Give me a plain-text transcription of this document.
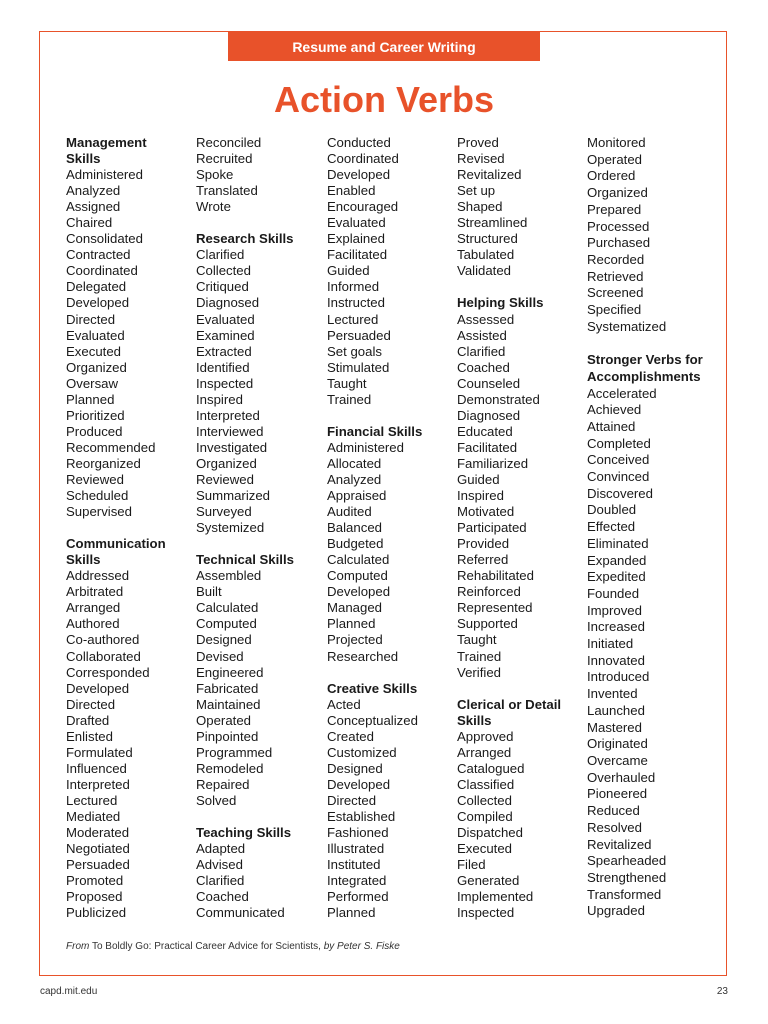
Resume and Career Writing
Action Verbs
Management
Skills
Administered
Analyzed
Assigned
Chaired
Consolidated
Contracted
Coordinated
Delegated
Developed
Directed
Evaluated
Executed
Organized
Oversaw
Planned
Prioritized
Produced
Recommended
Reorganized
Reviewed
Scheduled
Supervised
Communication
Skills
Addressed
Arbitrated
Arranged
Authored
Co-authored
Collaborated
Corresponded
Developed
Directed
Drafted
Enlisted
Formulated
Influenced
Interpreted
Lectured
Mediated
Moderated
Negotiated
Persuaded
Promoted
Proposed
Publicized
Reconciled
Recruited
Spoke
Translated
Wrote
Research Skills
Clarified
Collected
Critiqued
Diagnosed
Evaluated
Examined
Extracted
Identified
Inspected
Inspired
Interpreted
Interviewed
Investigated
Organized
Reviewed
Summarized
Surveyed
Systemized
Technical Skills
Assembled
Built
Calculated
Computed
Designed
Devised
Engineered
Fabricated
Maintained
Operated
Pinpointed
Programmed
Remodeled
Repaired
Solved
Teaching Skills
Adapted
Advised
Clarified
Coached
Communicated
Conducted
Coordinated
Developed
Enabled
Encouraged
Evaluated
Explained
Facilitated
Guided
Informed
Instructed
Lectured
Persuaded
Set goals
Stimulated
Taught
Trained
Financial Skills
Administered
Allocated
Analyzed
Appraised
Audited
Balanced
Budgeted
Calculated
Computed
Developed
Managed
Planned
Projected
Researched
Creative Skills
Acted
Conceptualized
Created
Customized
Designed
Developed
Directed
Established
Fashioned
Illustrated
Instituted
Integrated
Performed
Planned
Proved
Revised
Revitalized
Set up
Shaped
Streamlined
Structured
Tabulated
Validated
Helping Skills
Assessed
Assisted
Clarified
Coached
Counseled
Demonstrated
Diagnosed
Educated
Facilitated
Familiarized
Guided
Inspired
Motivated
Participated
Provided
Referred
Rehabilitated
Reinforced
Represented
Supported
Taught
Trained
Verified
Clerical or Detail
Skills
Approved
Arranged
Catalogued
Classified
Collected
Compiled
Dispatched
Executed
Filed
Generated
Implemented
Inspected
Monitored
Operated
Ordered
Organized
Prepared
Processed
Purchased
Recorded
Retrieved
Screened
Specified
Systematized
Stronger Verbs for
Accomplishments
Accelerated
Achieved
Attained
Completed
Conceived
Convinced
Discovered
Doubled
Effected
Eliminated
Expanded
Expedited
Founded
Improved
Increased
Initiated
Innovated
Introduced
Invented
Launched
Mastered
Originated
Overcame
Overhauled
Pioneered
Reduced
Resolved
Revitalized
Spearheaded
Strengthened
Transformed
Upgraded
From To Boldly Go: Practical Career Advice for Scientists, by Peter S. Fiske
capd.mit.edu	23
